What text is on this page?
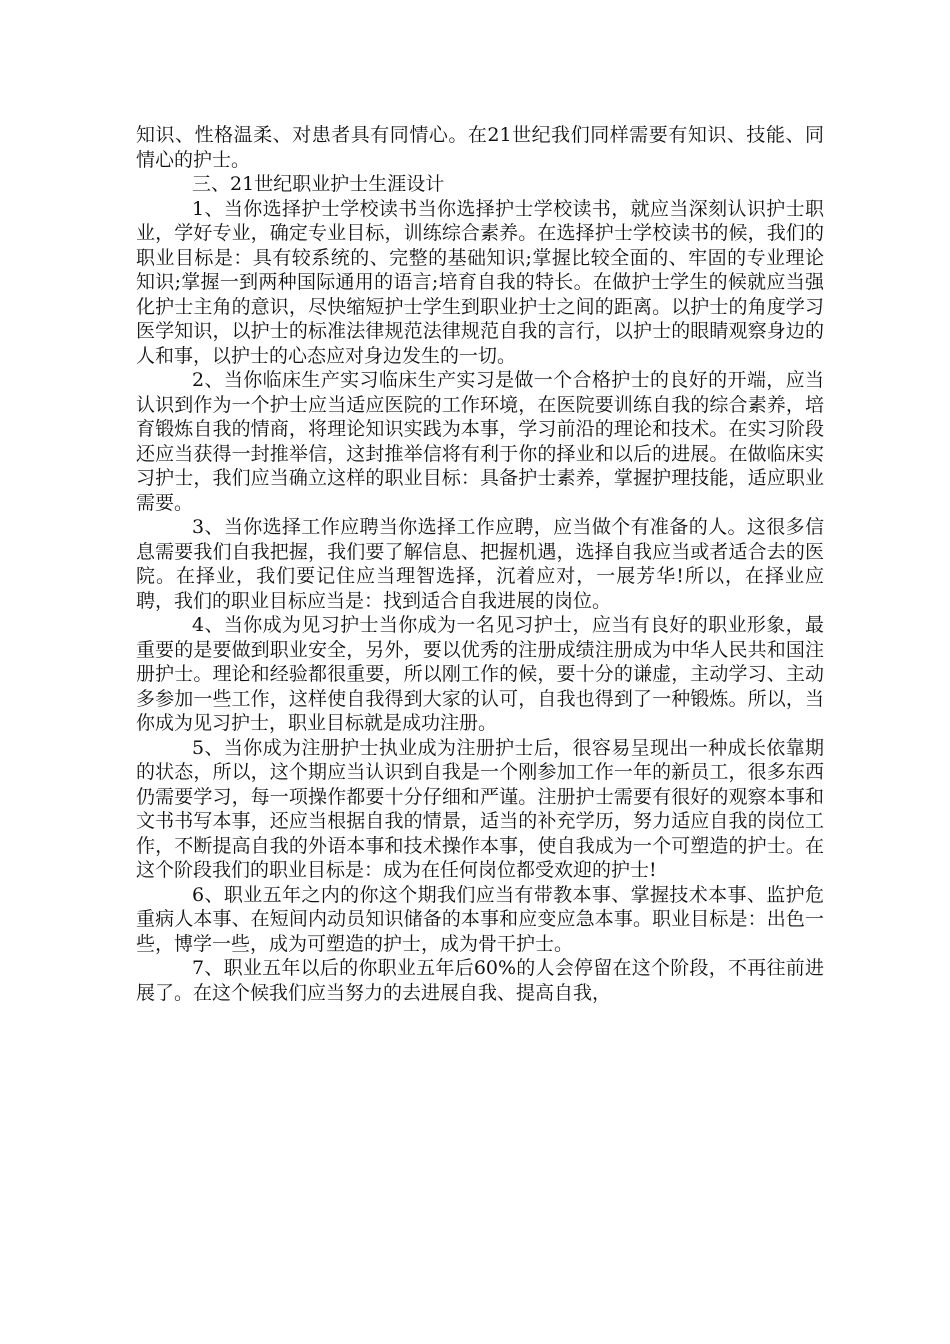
知识、性格温柔、对患者具有同情心。在21世纪我们同样需要有知识、技能、同情心的护士。

三、21世纪职业护士生涯设计

1、当你选择护士学校读书当你选择护士学校读书，就应当深刻认识护士职业，学好专业，确定专业目标，训练综合素养。在选择护士学校读书的候，我们的职业目标是：具有较系统的、完整的基础知识;掌握比较全面的、牢固的专业理论知识;掌握一到两种国际通用的语言;培育自我的特长。在做护士学生的候就应当强化护士主角的意识，尽快缩短护士学生到职业护士之间的距离。以护士的角度学习医学知识，以护士的标准法律规范法律规范自我的言行，以护士的眼睛观察身边的人和事，以护士的心态应对身边发生的一切。

2、当你临床生产实习临床生产实习是做一个合格护士的良好的开端，应当认识到作为一个护士应当适应医院的工作环境，在医院要训练自我的综合素养，培育锻炼自我的情商，将理论知识实践为本事，学习前沿的理论和技术。在实习阶段还应当获得一封推举信，这封推举信将有利于你的择业和以后的进展。在做临床实习护士，我们应当确立这样的职业目标：具备护士素养，掌握护理技能，适应职业需要。

3、当你选择工作应聘当你选择工作应聘，应当做个有准备的人。这很多信息需要我们自我把握，我们要了解信息、把握机遇，选择自我应当或者适合去的医院。在择业，我们要记住应当理智选择，沉着应对，一展芳华!所以，在择业应聘，我们的职业目标应当是：找到适合自我进展的岗位。

4、当你成为见习护士当你成为一名见习护士，应当有良好的职业形象，最重要的是要做到职业安全，另外，要以优秀的注册成绩注册成为中华人民共和国注册护士。理论和经验都很重要，所以刚工作的候，要十分的谦虚，主动学习、主动多参加一些工作，这样使自我得到大家的认可，自我也得到了一种锻炼。所以，当你成为见习护士，职业目标就是成功注册。

5、当你成为注册护士执业成为注册护士后，很容易呈现出一种成长依靠期的状态，所以，这个期应当认识到自我是一个刚参加工作一年的新员工，很多东西仍需要学习，每一项操作都要十分仔细和严谨。注册护士需要有很好的观察本事和文书书写本事，还应当根据自我的情景，适当的补充学历，努力适应自我的岗位工作，不断提高自我的外语本事和技术操作本事，使自我成为一个可塑造的护士。在这个阶段我们的职业目标是：成为在任何岗位都受欢迎的护士!

6、职业五年之内的你这个期我们应当有带教本事、掌握技术本事、监护危重病人本事、在短间内动员知识储备的本事和应变应急本事。职业目标是：出色一些，博学一些，成为可塑造的护士，成为骨干护士。

7、职业五年以后的你职业五年后60%的人会停留在这个阶段，不再往前进展了。在这个候我们应当努力的去进展自我、提高自我，
